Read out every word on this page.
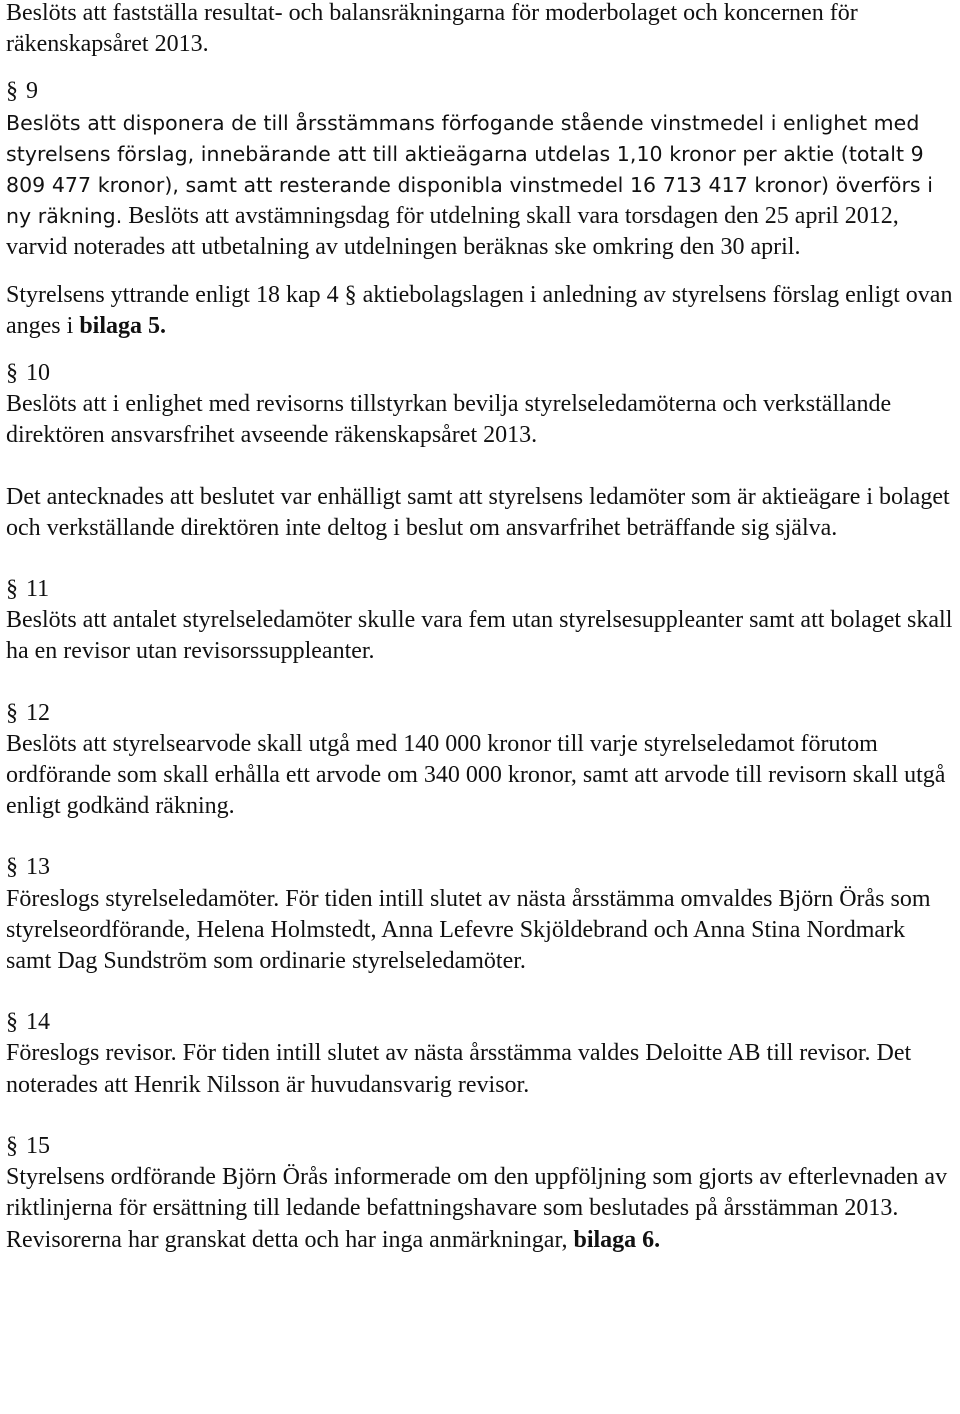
Beslöts att fastställa resultat- och balansräkningarna för moderbolaget och koncernen för räkenskapsåret 2013.

§ 9

Beslöts att disponera de till årsstämmans förfogande stående vinstmedel i enlighet med styrelsens förslag, innebärande att till aktieägarna utdelas 1,10 kronor per aktie (totalt 9 809 477 kronor), samt att resterande disponibla vinstmedel 16 713 417 kronor) överförs i ny räkning. Beslöts att avstämningsdag för utdelning skall vara torsdagen den 25 april 2012, varvid noterades att utbetalning av utdelningen beräknas ske omkring den 30 april.

Styrelsens yttrande enligt 18 kap 4 § aktiebolagslagen i anledning av styrelsens förslag enligt ovan anges i bilaga 5.

§ 10

Beslöts att i enlighet med revisorns tillstyrkan bevilja styrelseledamöterna och verkställande direktören ansvarsfrihet avseende räkenskapsåret 2013.

Det antecknades att beslutet var enhälligt samt att styrelsens ledamöter som är aktieägare i bolaget och verkställande direktören inte deltog i beslut om ansvarfrihet beträffande sig själva.

§ 11

Beslöts att antalet styrelseledamöter skulle vara fem utan styrelsesuppleanter samt att bolaget skall ha en revisor utan revisorssuppleanter.

§ 12

Beslöts att styrelsearvode skall utgå med 140 000 kronor till varje styrelseledamot förutom ordförande som skall erhålla ett arvode om 340 000 kronor, samt att arvode till revisorn skall utgå enligt godkänd räkning.

§ 13

Föreslogs styrelseledamöter. För tiden intill slutet av nästa årsstämma omvaldes Björn Örås som styrelseordförande, Helena Holmstedt, Anna Lefevre Skjöldebrand och Anna Stina Nordmark samt Dag Sundström som ordinarie styrelseledamöter.

§ 14

Föreslogs revisor. För tiden intill slutet av nästa årsstämma valdes Deloitte AB till revisor. Det noterades att Henrik Nilsson är huvudansvarig revisor.

§ 15

Styrelsens ordförande Björn Örås informerade om den uppföljning som gjorts av efterlevnaden av riktlinjerna för ersättning till ledande befattningshavare som beslutades på årsstämman 2013. Revisorerna har granskat detta och har inga anmärkningar, bilaga 6.
